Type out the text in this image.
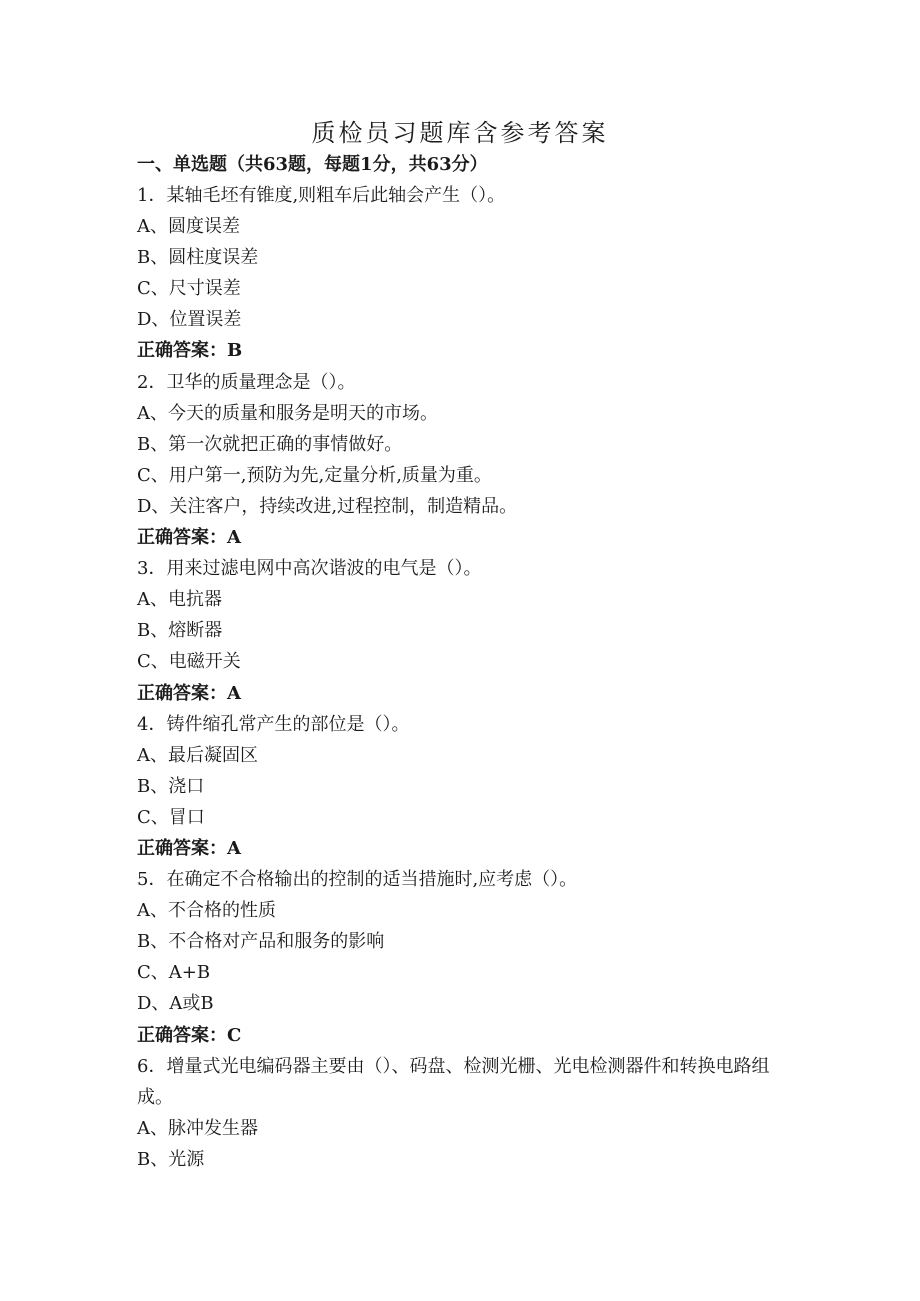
质检员习题库含参考答案
一、单选题（共63题，每题1分，共63分）
1．某轴毛坯有锥度,则粗车后此轴会产生（）。
A、圆度误差
B、圆柱度误差
C、尺寸误差
D、位置误差
正确答案：B
2．卫华的质量理念是（）。
A、今天的质量和服务是明天的市场。
B、第一次就把正确的事情做好。
C、用户第一,预防为先,定量分析,质量为重。
D、关注客户，持续改进,过程控制，制造精品。
正确答案：A
3．用来过滤电网中高次谐波的电气是（）。
A、电抗器
B、熔断器
C、电磁开关
正确答案：A
4．铸件缩孔常产生的部位是（）。
A、最后凝固区
B、浇口
C、冒口
正确答案：A
5．在确定不合格输出的控制的适当措施时,应考虑（）。
A、不合格的性质
B、不合格对产品和服务的影响
C、A+B
D、A或B
正确答案：C
6．增量式光电编码器主要由（）、码盘、检测光栅、光电检测器件和转换电路组成。
A、脉冲发生器
B、光源
